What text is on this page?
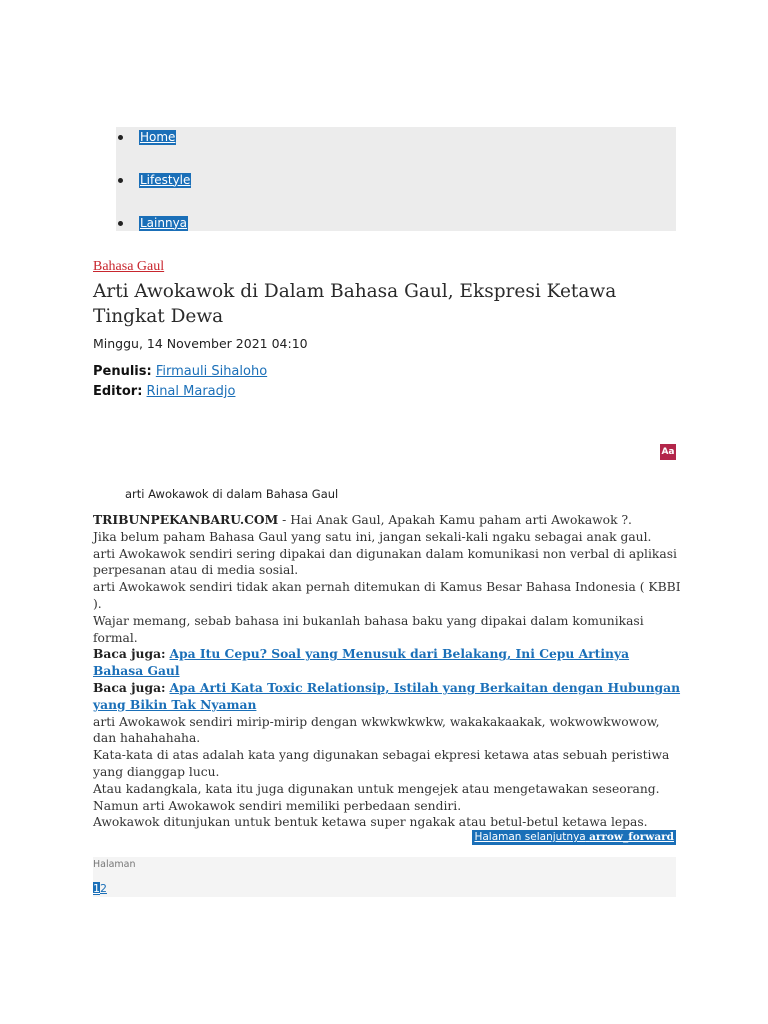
Home
Lifestyle
Lainnya
Bahasa Gaul
Arti Awokawok di Dalam Bahasa Gaul, Ekspresi Ketawa Tingkat Dewa
Minggu, 14 November 2021 04:10
Penulis: Firmauli Sihaloho
Editor: Rinal Maradjo
Aa
arti Awokawok di dalam Bahasa Gaul

TRIBUNPEKANBARU.COM - Hai Anak Gaul, Apakah Kamu paham arti Awokawok ?.

Jika belum paham Bahasa Gaul yang satu ini, jangan sekali-kali ngaku sebagai anak gaul.

arti Awokawok sendiri sering dipakai dan digunakan dalam komunikasi non verbal di aplikasi perpesanan atau di media sosial.

arti Awokawok sendiri tidak akan pernah ditemukan di Kamus Besar Bahasa Indonesia ( KBBI ).

Wajar memang, sebab bahasa ini bukanlah bahasa baku yang dipakai dalam komunikasi formal.

Baca juga: Apa Itu Cepu? Soal yang Menusuk dari Belakang, Ini Cepu Artinya Bahasa Gaul

Baca juga: Apa Arti Kata Toxic Relationsip, Istilah yang Berkaitan dengan Hubungan yang Bikin Tak Nyaman

arti Awokawok sendiri mirip-mirip dengan wkwkwkwkw, wakakakaakak, wokwowkwowow, dan hahahahaha.

Kata-kata di atas adalah kata yang digunakan sebagai ekpresi ketawa atas sebuah peristiwa yang dianggap lucu.

Atau kadangkala, kata itu juga digunakan untuk mengejek atau mengetawakan seseorang.

Namun arti Awokawok sendiri memiliki perbedaan sendiri.

Awokawok ditunjukan untuk bentuk ketawa super ngakak atau betul-betul ketawa lepas.

Halaman selanjutnya arrow_forward
Halaman
1 2
